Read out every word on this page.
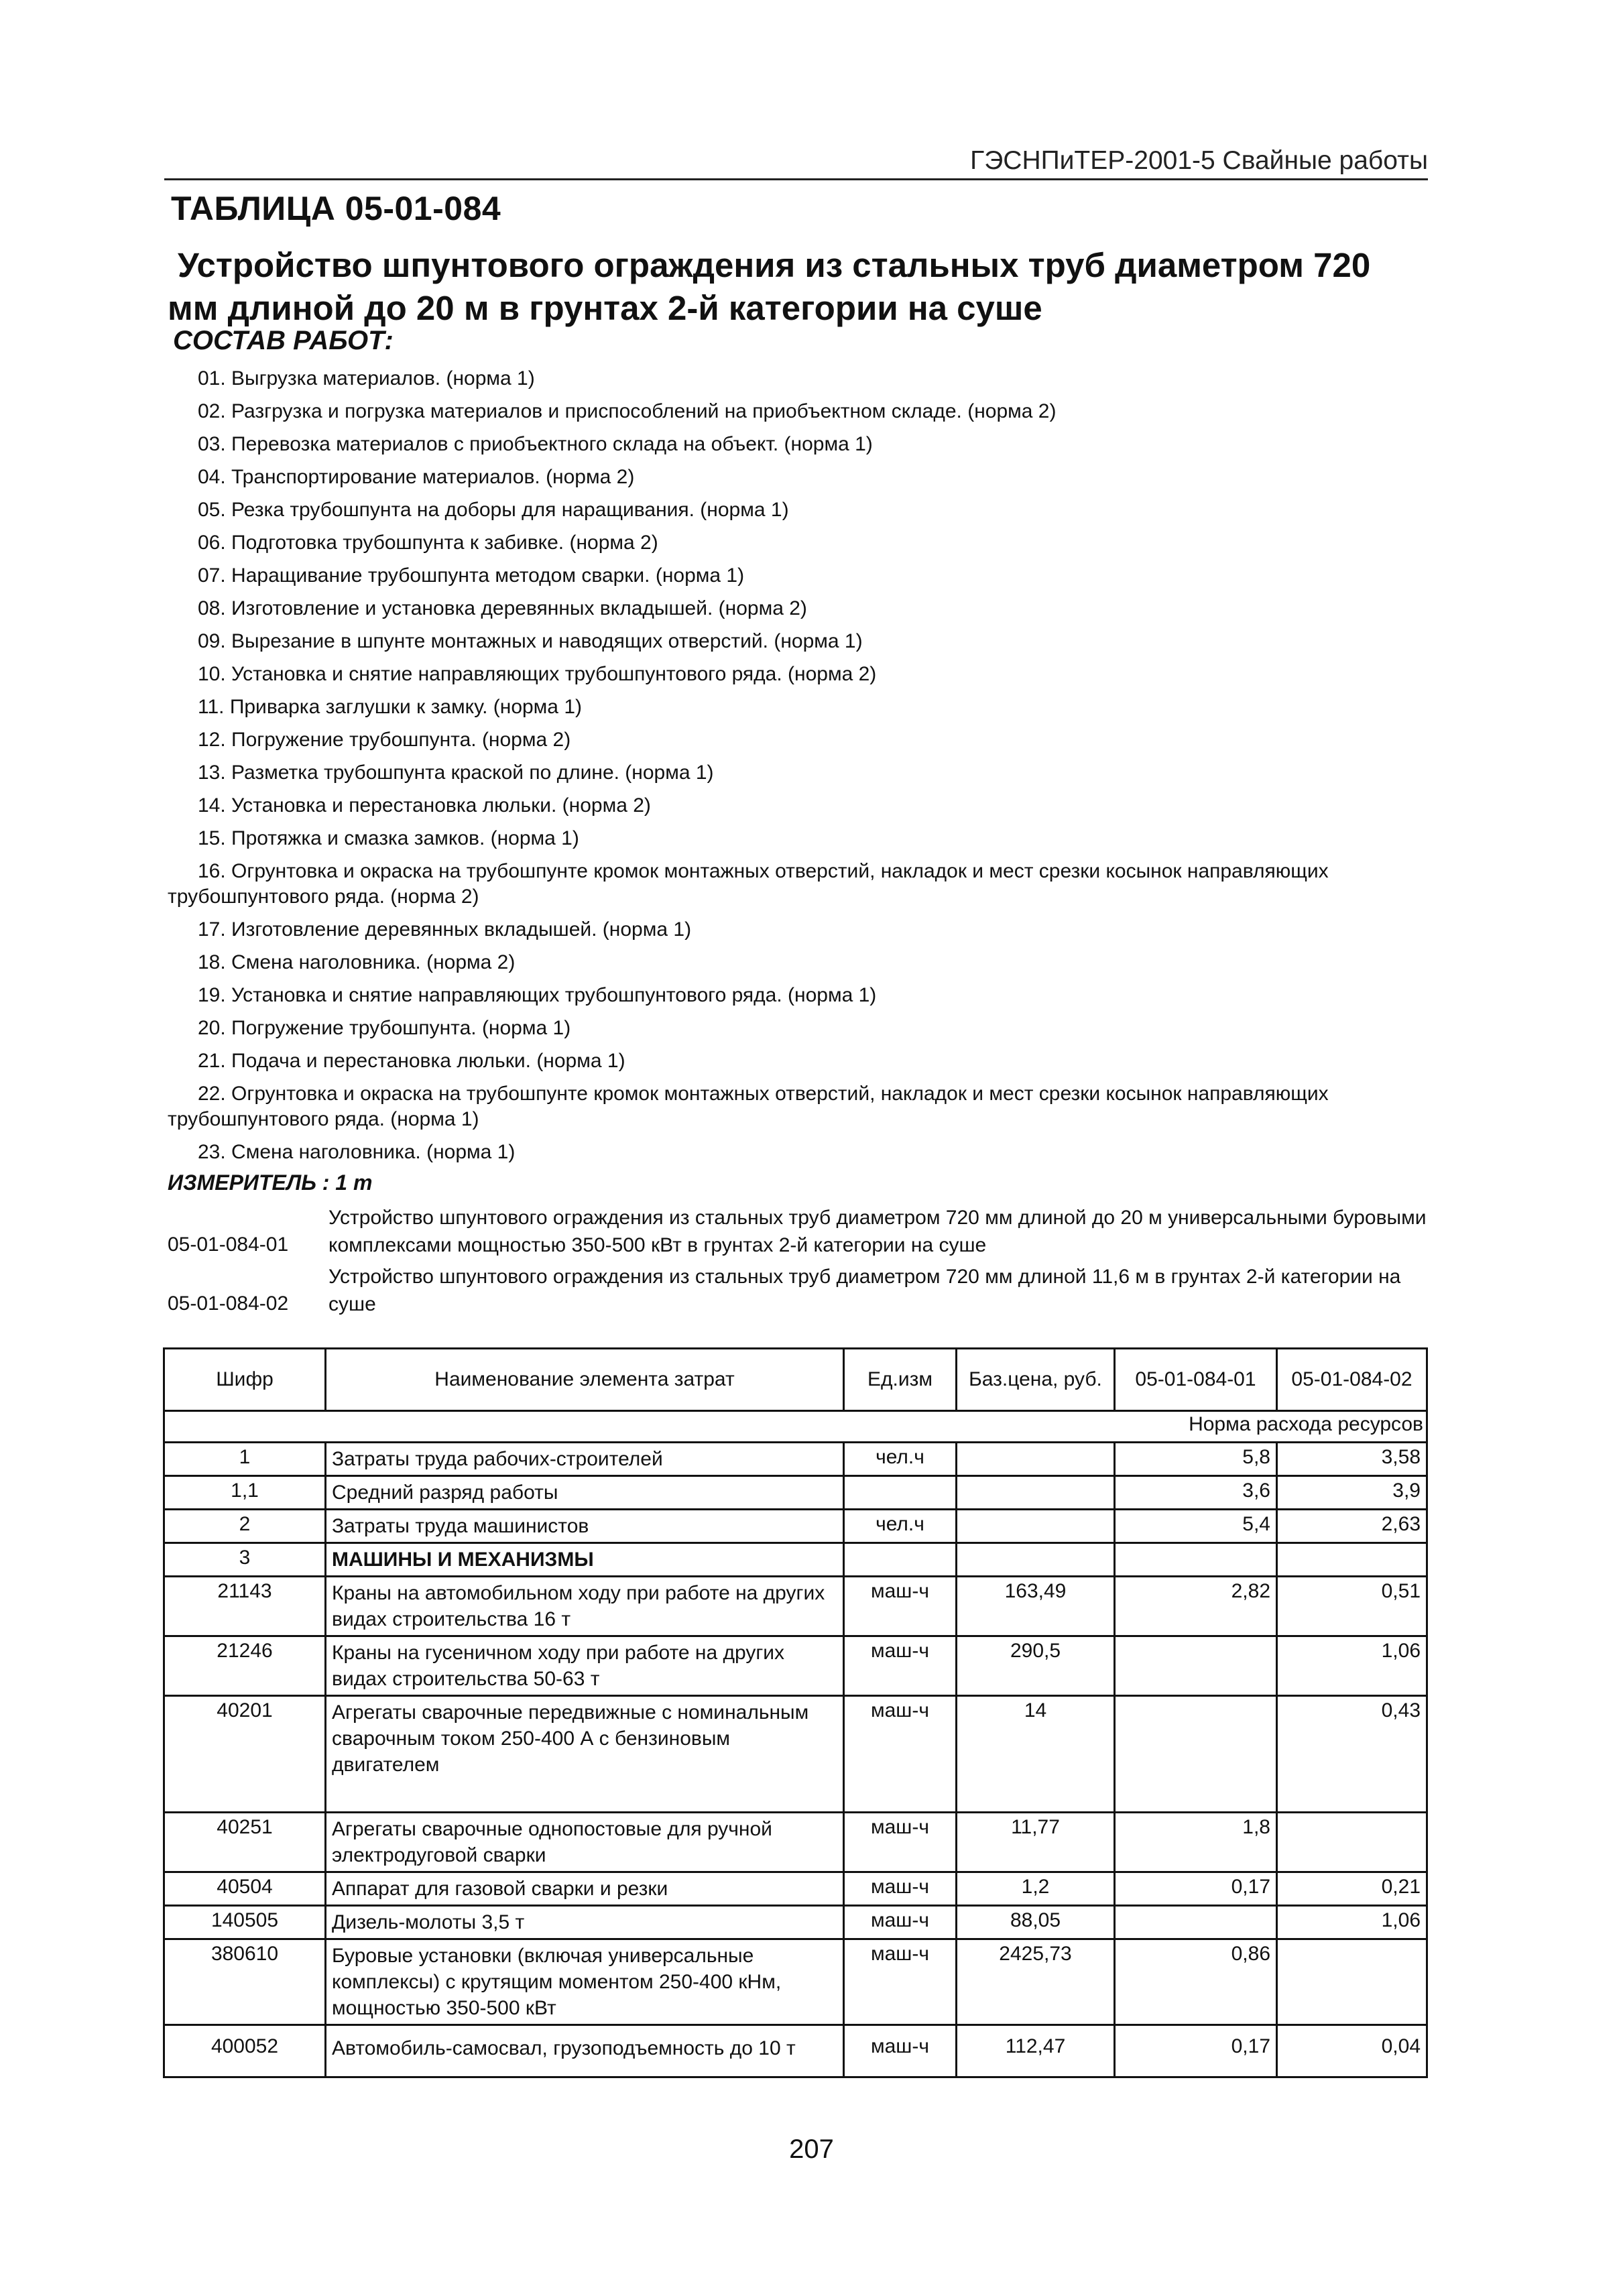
ГЭСНПиТЕР-2001-5 Свайные работы
ТАБЛИЦА 05-01-084
Устройство шпунтового ограждения из стальных труб диаметром 720 мм длиной до 20 м в грунтах 2-й категории на суше
СОСТАВ РАБОТ:
01. Выгрузка материалов. (норма 1)
02. Разгрузка и погрузка материалов и приспособлений на приобъектном складе. (норма 2)
03. Перевозка материалов с приобъектного склада на объект. (норма 1)
04. Транспортирование материалов. (норма 2)
05. Резка трубошпунта на доборы для наращивания. (норма 1)
06. Подготовка трубошпунта к забивке. (норма 2)
07. Наращивание трубошпунта методом сварки. (норма 1)
08. Изготовление и установка деревянных вкладышей. (норма 2)
09. Вырезание в шпунте монтажных и наводящих отверстий. (норма 1)
10. Установка и снятие направляющих трубошпунтового ряда. (норма 2)
11. Приварка заглушки к замку. (норма 1)
12. Погружение трубошпунта. (норма 2)
13. Разметка трубошпунта краской по длине. (норма 1)
14. Установка и перестановка люльки. (норма 2)
15. Протяжка и смазка замков. (норма 1)
16. Огрунтовка и окраска на трубошпунте кромок монтажных отверстий, накладок и мест срезки косынок направляющих трубошпунтового ряда. (норма 2)
17. Изготовление деревянных вкладышей. (норма 1)
18. Смена наголовника. (норма 2)
19. Установка и снятие направляющих трубошпунтового ряда. (норма 1)
20. Погружение трубошпунта. (норма 1)
21. Подача и перестановка люльки. (норма 1)
22. Огрунтовка и окраска на трубошпунте кромок монтажных отверстий, накладок и мест срезки косынок направляющих трубошпунтового ряда. (норма 1)
23. Смена наголовника. (норма 1)
ИЗМЕРИТЕЛЬ : 1 т
05-01-084-01
Устройство шпунтового ограждения из стальных труб диаметром 720 мм длиной до 20 м универсальными буровыми комплексами мощностью 350-500 кВт в грунтах 2-й категории на суше
05-01-084-02
Устройство шпунтового ограждения из стальных труб диаметром 720 мм длиной 11,6 м в грунтах 2-й категории на суше
Шифр	Наименование элемента затрат	Ед.изм	Баз.цена, руб.	05-01-084-01	05-01-084-02
Норма расхода ресурсов					
1	Затраты труда рабочих-строителей	чел.ч		5,8	3,58
1,1	Средний разряд работы			3,6	3,9
2	Затраты труда машинистов	чел.ч		5,4	2,63
3	МАШИНЫ И МЕХАНИЗМЫ				
21143	Краны на автомобильном ходу при работе на других видах строительства 16 т	маш-ч	163,49	2,82	0,51
21246	Краны на гусеничном ходу при работе на других видах строительства 50-63 т	маш-ч	290,5		1,06
40201	Агрегаты сварочные передвижные с номинальным сварочным током 250-400 А с бензиновым двигателем	маш-ч	14		0,43
40251	Агрегаты сварочные однопостовые для ручной электродуговой сварки	маш-ч	11,77	1,8	
40504	Аппарат для газовой сварки и резки	маш-ч	1,2	0,17	0,21
140505	Дизель-молоты 3,5 т	маш-ч	88,05		1,06
380610	Буровые установки (включая универсальные комплексы) с крутящим моментом 250-400 кНм, мощностью 350-500 кВт	маш-ч	2425,73	0,86	
400052	Автомобиль-самосвал, грузоподъемность до 10 т	маш-ч	112,47	0,17	0,04
207
